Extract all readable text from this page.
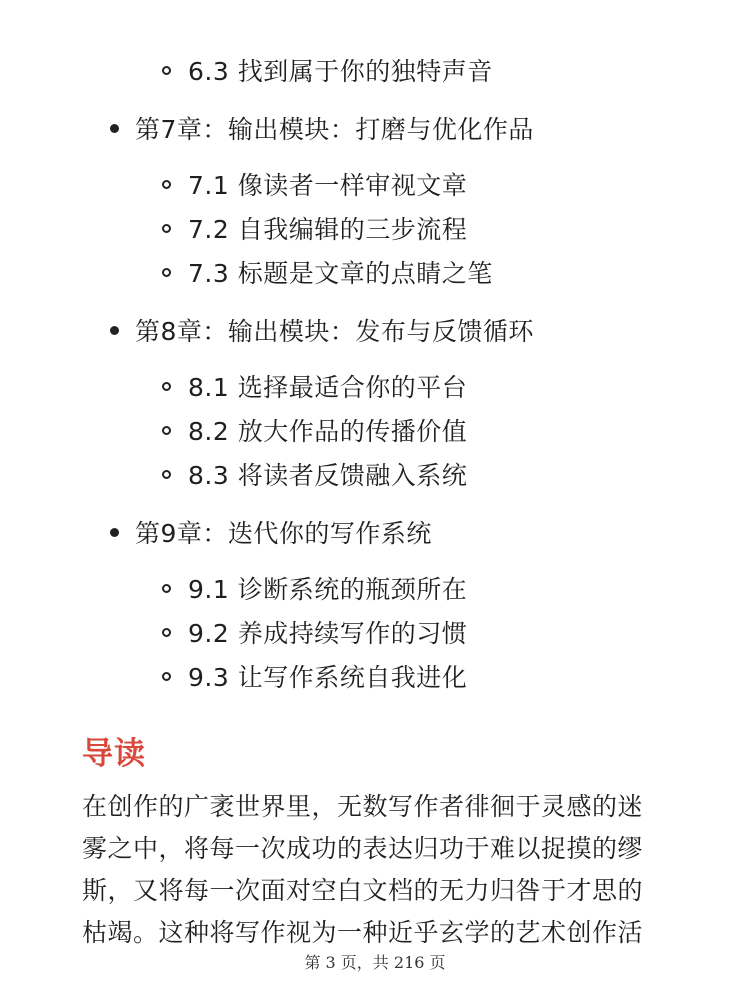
6.3 找到属于你的独特声音
第7章：输出模块：打磨与优化作品
7.1 像读者一样审视文章
7.2 自我编辑的三步流程
7.3 标题是文章的点睛之笔
第8章：输出模块：发布与反馈循环
8.1 选择最适合你的平台
8.2 放大作品的传播价值
8.3 将读者反馈融入系统
第9章：迭代你的写作系统
9.1 诊断系统的瓶颈所在
9.2 养成持续写作的习惯
9.3 让写作系统自我进化
导读
在创作的广袤世界里，无数写作者徘徊于灵感的迷
雾之中，将每一次成功的表达归功于难以捉摸的缪
斯，又将每一次面对空白文档的无力归咎于才思的
枯竭。这种将写作视为一种近乎玄学的艺术创作活
第 3 页，共 216 页
